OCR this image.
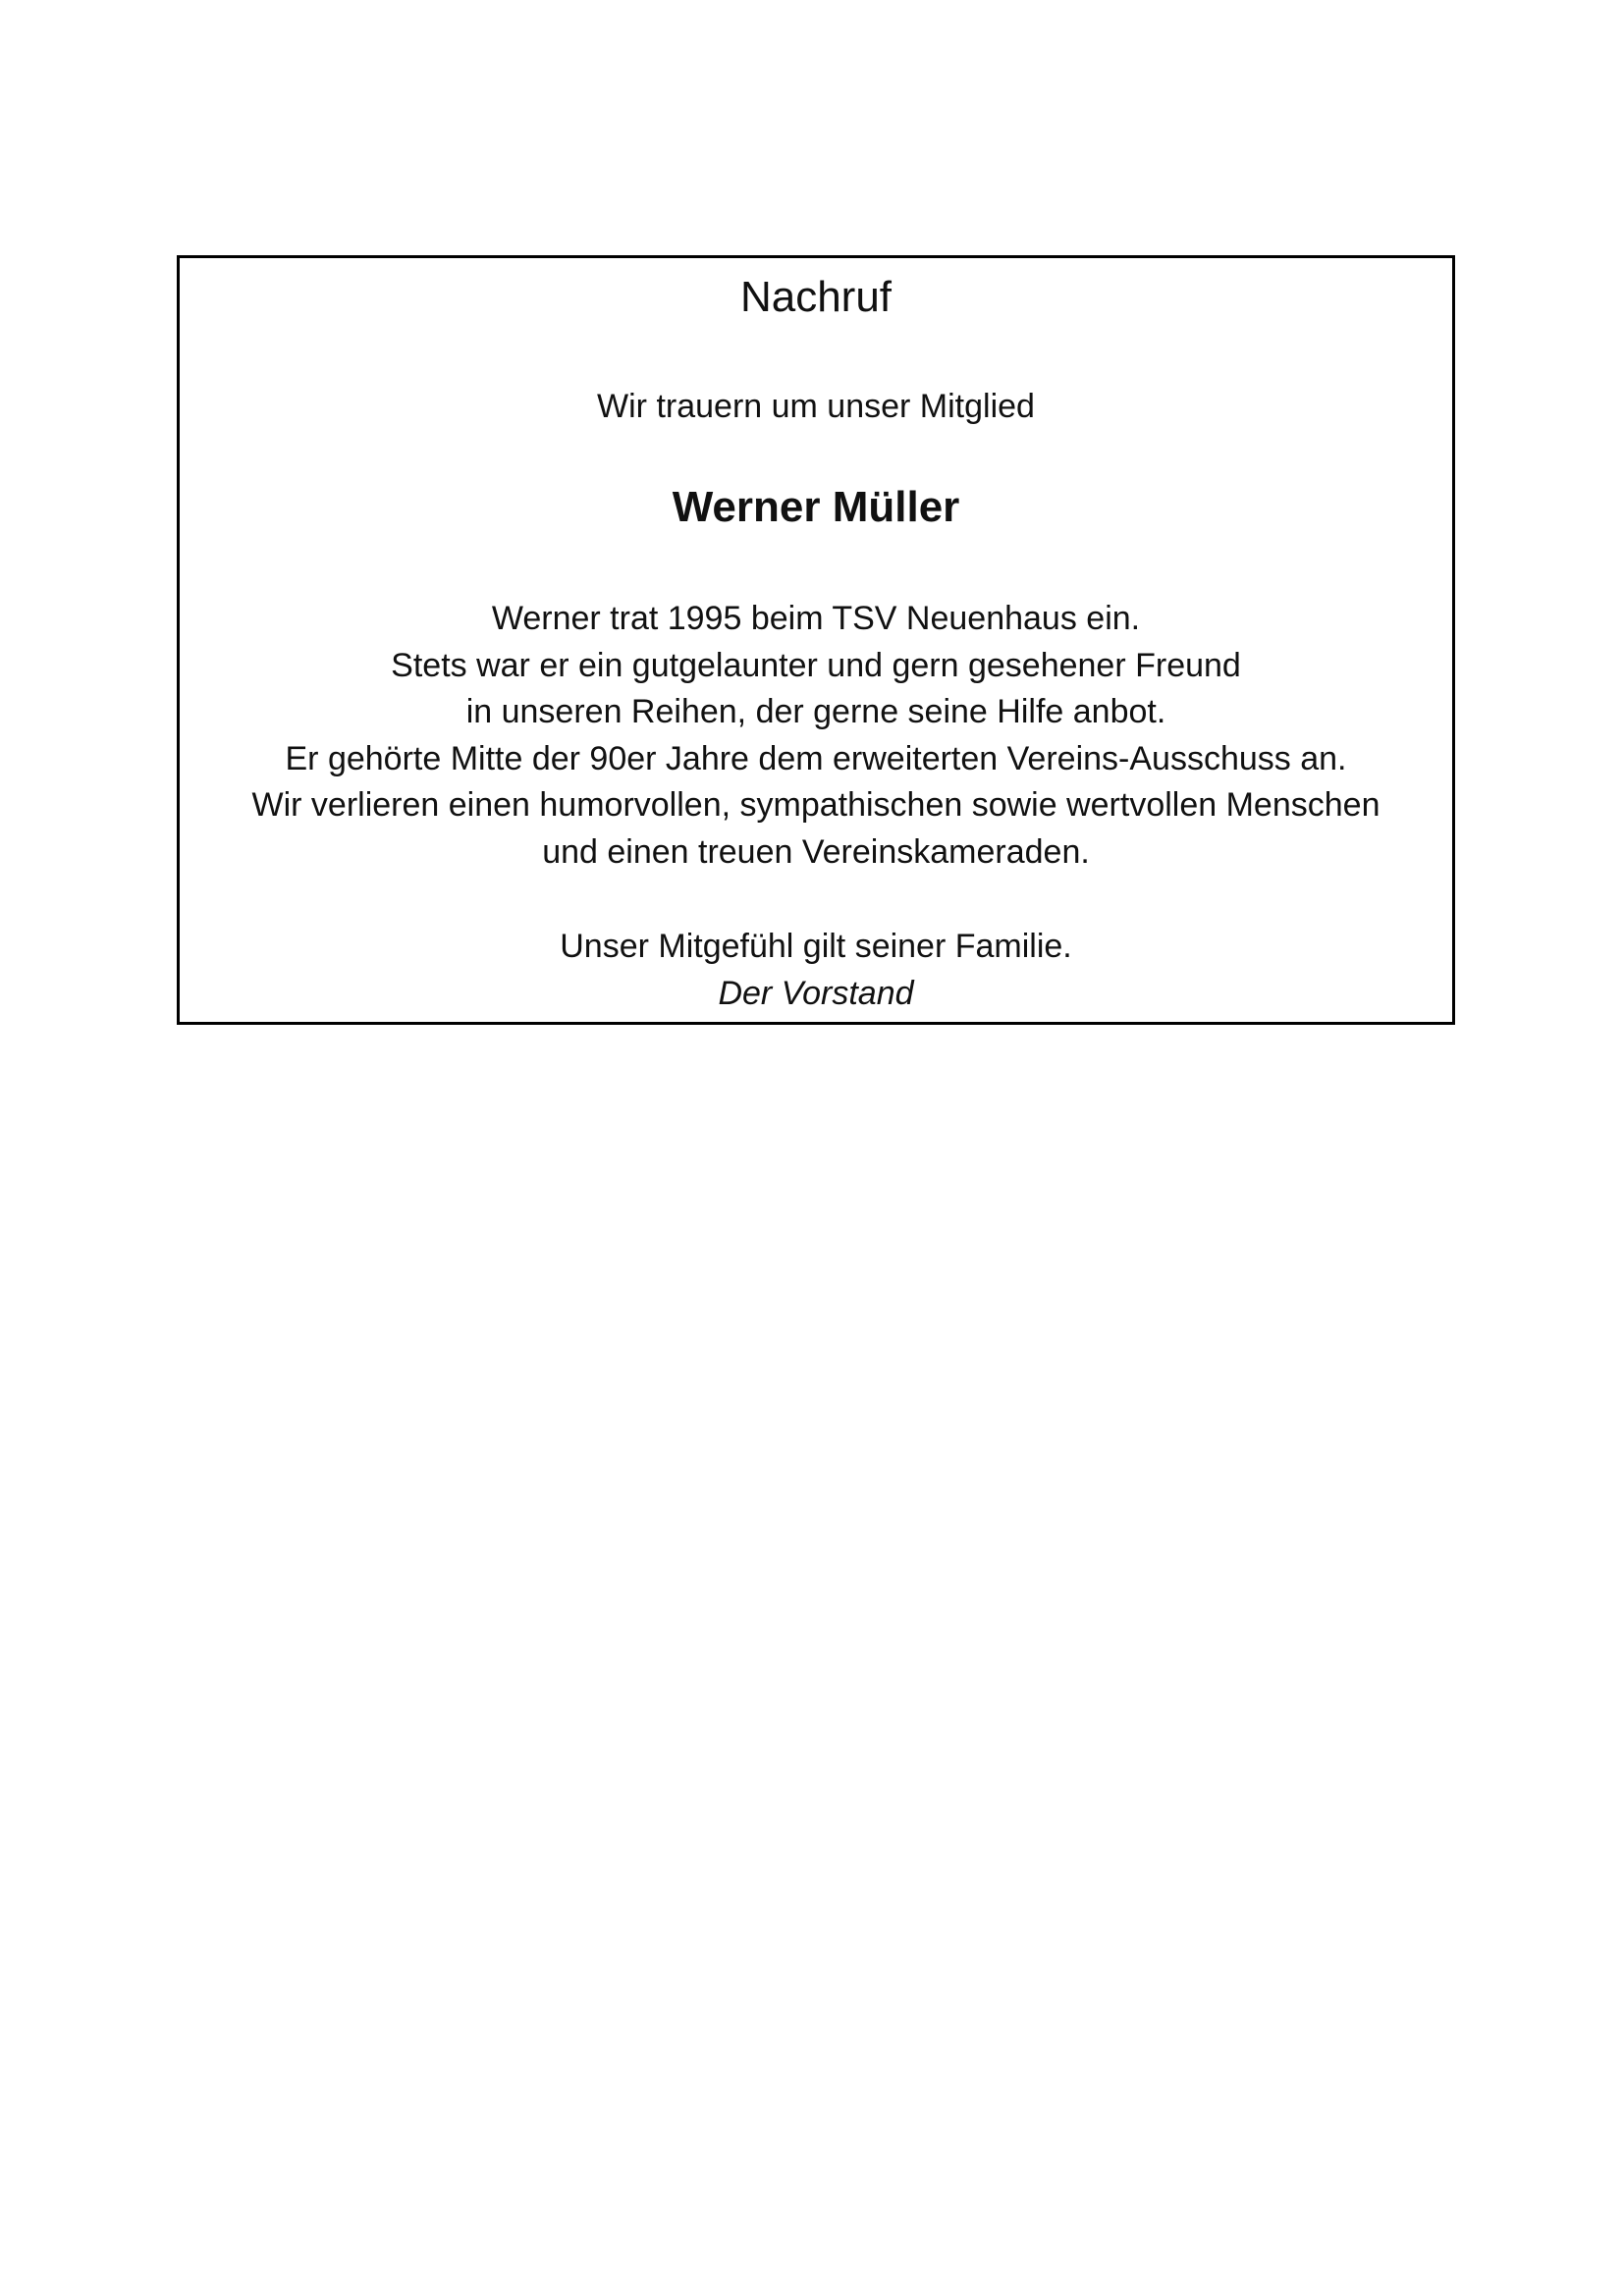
Nachruf
Wir trauern um unser Mitglied
Werner Müller
Werner trat 1995 beim TSV Neuenhaus ein.
Stets war er ein gutgelaunter und gern gesehener Freund
in unseren Reihen, der gerne seine Hilfe anbot.
Er gehörte Mitte der 90er Jahre dem erweiterten Vereins-Ausschuss an.
Wir verlieren einen humorvollen, sympathischen sowie wertvollen Menschen
und einen treuen Vereinskameraden.
Unser Mitgefühl gilt seiner Familie.
Der Vorstand
